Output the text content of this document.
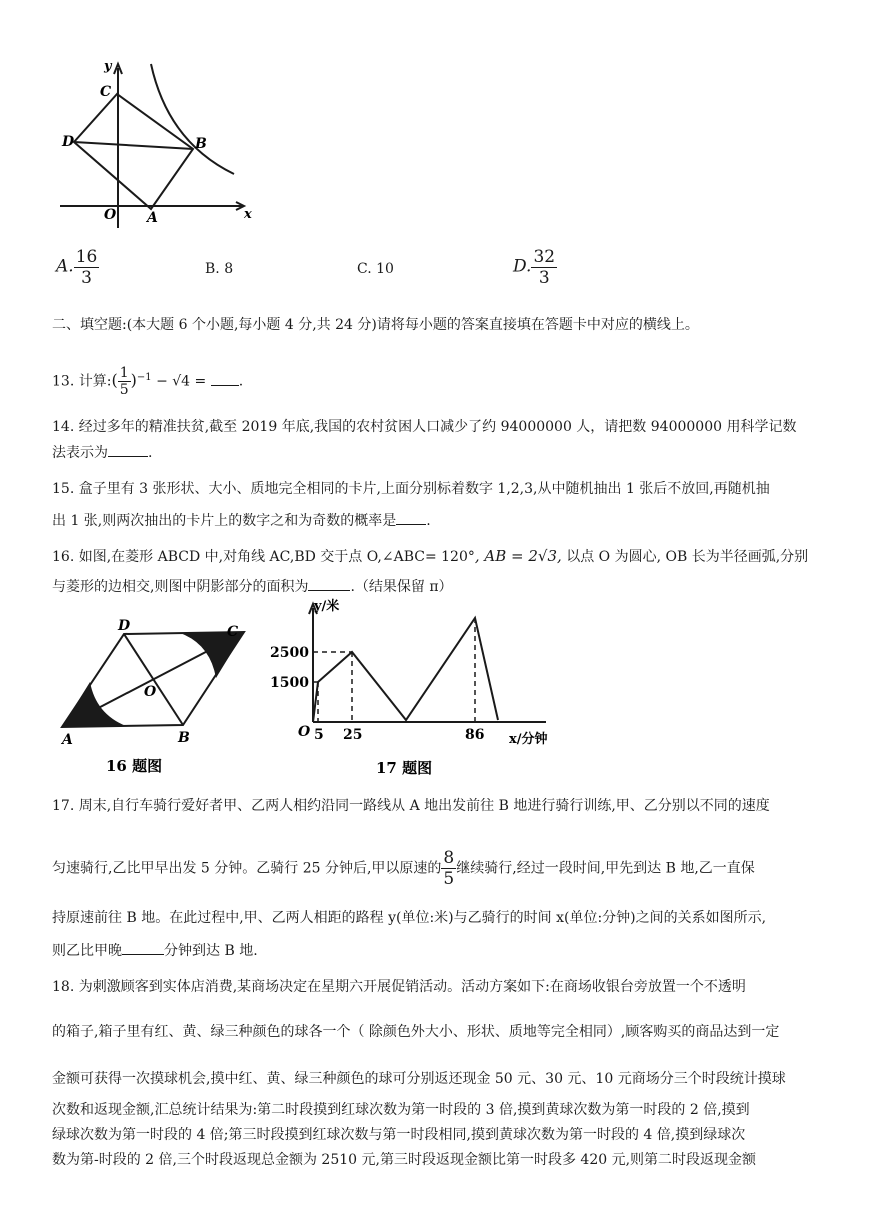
y
x
C
D	B
O A
A. $\frac{16}{3}$	B. 8	C. 10	D. $\frac{32}{3}$
二、填空题:(本大题 6 个小题,每小题 4 分,共 24 分)请将每小题的答案直接填在答题卡中对应的横线上。
13. 计算:( $\frac{1}{5} )^{-1} - √4$ = .
14. 经过多年的精准扶贫,截至 2019 年底,我国的农村贫困人口减少了约 94000000 人，请把数 94000000 用科学记数
法表示为	.
15. 盒子里有 3 张形状、大小、质地完全相同的卡片,上面分别标着数字 1,2,3,从中随机抽出 1 张后不放回,再随机抽
出 1 张,则两次抽出的卡片上的数字之和为奇数的概率是 .
16. 如图,在菱形 ABCD 中,对角线 AC,BD 交于点 O,∠ABC= 120°, AB = 2√3, 以点 O 为圆心, OB 长为半径画弧,分别
与菱形的边相交,则图中阴影部分的面积为	.（结果保留 π）
D	C
O
A	B
16 题图
y/米
x/分钟
O
2500
1500
5 25	86
17 题图
17. 周末,自行车骑行爱好者甲、乙两人相约沿同一路线从 A 地出发前往 B 地进行骑行训练,甲、乙分别以不同的速度
匀速骑行,乙比甲早出发 5 分钟。乙骑行 25 分钟后,甲以原速的 $\frac{8}{5}$ 继续骑行,经过一段时间,甲先到达 B 地,乙一直保
持原速前往 B 地。在此过程中,甲、乙两人相距的路程 y(单位:米)与乙骑行的时间 x(单位:分钟)之间的关系如图所示,
则乙比甲晚	分钟到达 B 地.
18. 为刺激顾客到实体店消费,某商场决定在星期六开展促销活动。活动方案如下:在商场收银台旁放置一个不透明
的箱子,箱子里有红、黄、绿三种颜色的球各一个（ 除颜色外大小、形状、质地等完全相同）,顾客购买的商品达到一定
金额可获得一次摸球机会,摸中红、黄、绿三种颜色的球可分别返还现金 50 元、30 元、10 元商场分三个时段统计摸球
次数和返现金额,汇总统计结果为:第二时段摸到红球次数为第一时段的 3 倍,摸到黄球次数为第一时段的 2 倍,摸到
绿球次数为第一时段的 4 倍;第三时段摸到红球次数与第一时段相同,摸到黄球次数为第一时段的 4 倍,摸到绿球次
数为第-时段的 2 倍,三个时段返现总金额为 2510 元,第三时段返现金额比第一时段多 420 元,则第二时段返现金额
